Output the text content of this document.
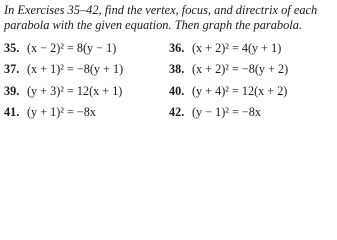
In Exercises 35–42, find the vertex, focus, and directrix of each parabola with the given equation. Then graph the parabola.

35. (x − 2)² = 8(y − 1)	36. (x + 2)² = 4(y + 1)
37. (x + 1)² = −8(y + 1)	38. (x + 2)² = −8(y + 2)
39. (y + 3)² = 12(x + 1)	40. (y + 4)² = 12(x + 2)
41. (y + 1)² = −8x	42. (y − 1)² = −8x
